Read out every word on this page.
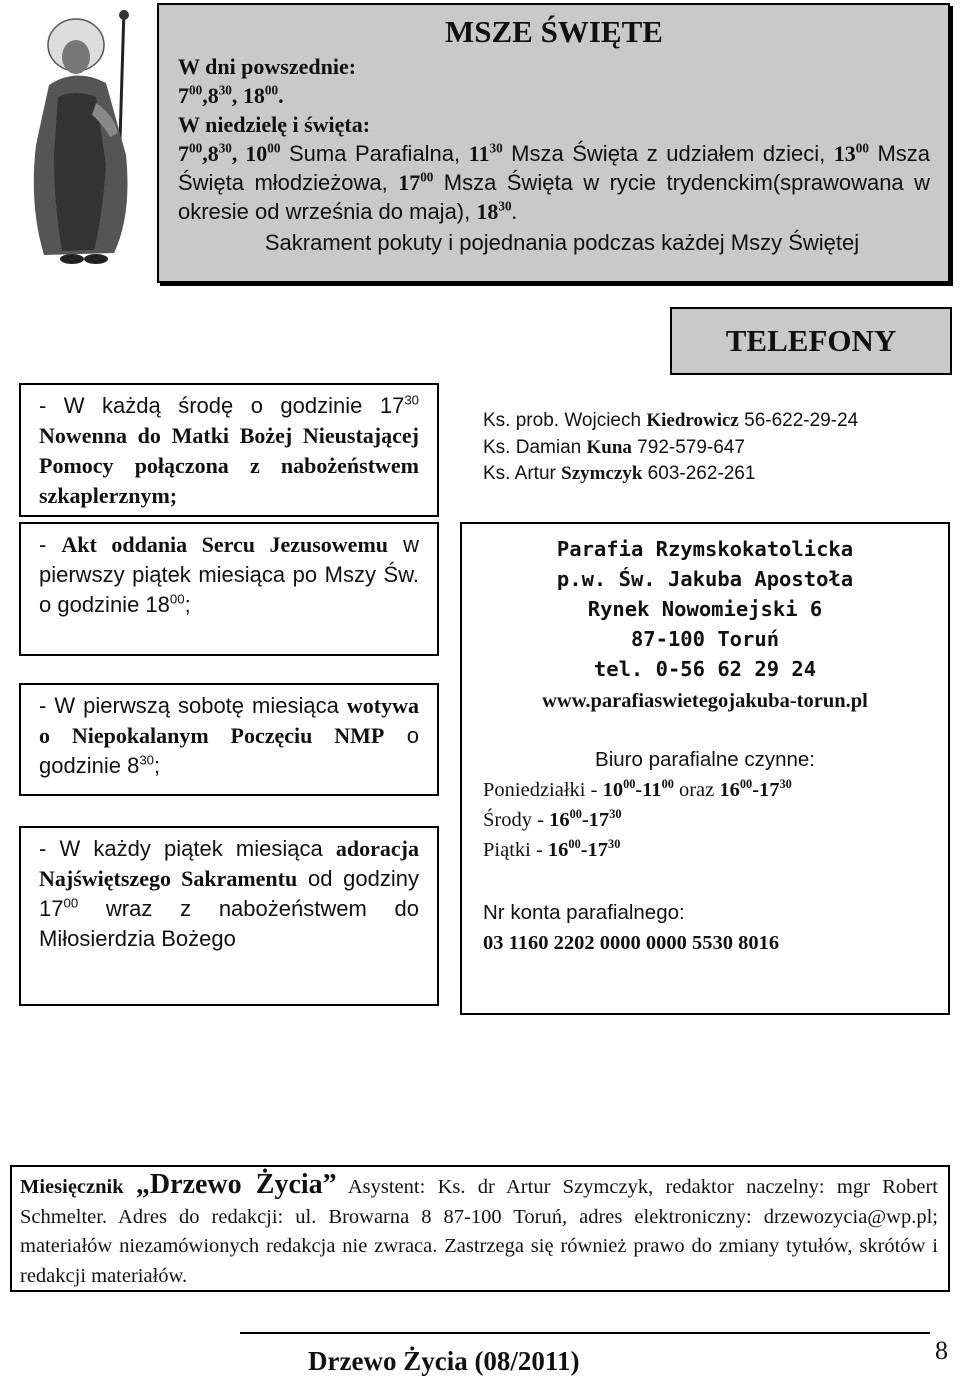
MSZE ŚWIĘTE
W dni powszednie:
$7^{00},8^{30}$, $18^{00}$.
W niedzielę i święta:
$7^{00},8^{30}$, $10^{00}$ Suma Parafialna, $11^{30}$ Msza Święta z udziałem dzieci, $13^{00}$ Msza Święta młodzieżowa, $17^{00}$ Msza Święta w rycie trydenckim(sprawowana w okresie od września do maja), $18^{30}$.
Sakrament pokuty i pojednania podczas każdej Mszy Świętej
TELEFONY
- W każdą środę o godzinie $17^{30}$ Nowenna do Matki Bożej Nieustającej Pomocy połączona z nabożeństwem szkaplerznym;
- Akt oddania Sercu Jezusowemu w pierwszy piątek miesiąca po Mszy Św. o godzinie $18^{00}$;
- W pierwszą sobotę miesiąca wotywa o Niepokalanym Poczęciu NMP o godzinie $8^{30}$;
- W każdy piątek miesiąca adoracja Najświętszego Sakramentu od godziny $17^{00}$ wraz z nabożeństwem do Miłosierdzia Bożego
Ks. prob. Wojciech Kiedrowicz 56-622-29-24
Ks. Damian Kuna 792-579-647
Ks. Artur Szymczyk 603-262-261
Parafia Rzymskokatolicka
p.w. Św. Jakuba Apostoła
Rynek Nowomiejski 6
87-100 Toruń
tel. 0-56 62 29 24
www.parafiaswietegojakuba-torun.pl
Biuro parafialne czynne:
Poniedziałki - $10^{00}-11^{00}$ oraz $16^{00}-17^{30}$
Środy - $16^{00}-17^{30}$
Piątki - $16^{00}-17^{30}$
Nr konta parafialnego:
03 1160 2202 0000 0000 5530 8016
Miesięcznik „Drzewo Życia” Asystent: Ks. dr Artur Szymczyk, redaktor naczelny: mgr Robert Schmelter. Adres do redakcji: ul. Browarna 8 87-100 Toruń, adres elektroniczny: drzewozycia@wp.pl; materiałów niezamówionych redakcja nie zwraca. Zastrzega się również prawo do zmiany tytułów, skrótów i redakcji materiałów.
Drzewo Życia (08/2011)	8
